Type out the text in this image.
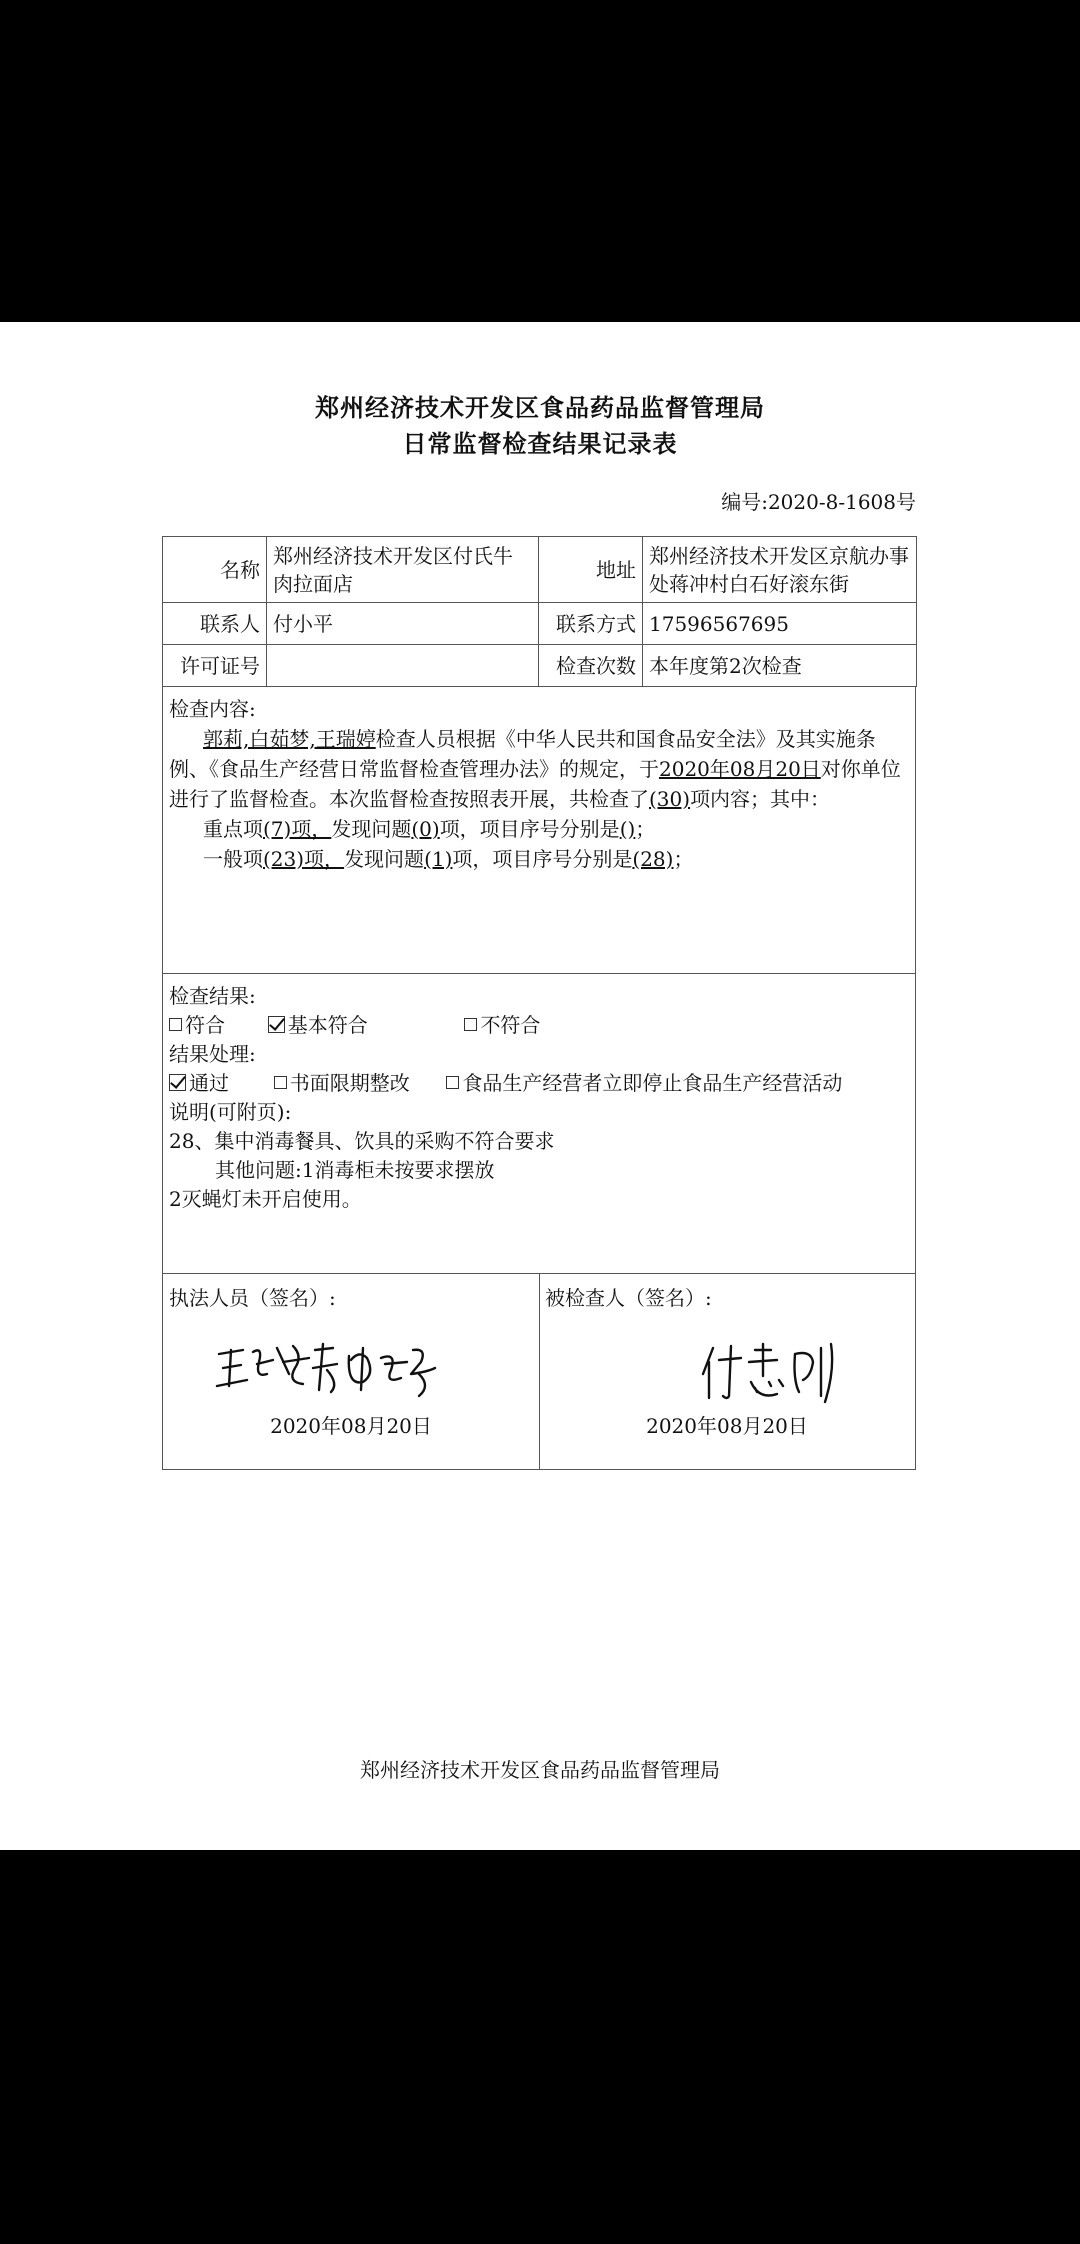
郑州经济技术开发区食品药品监督管理局
日常监督检查结果记录表
编号:2020-8-1608号
名称	郑州经济技术开发区付氏牛肉拉面店	地址	郑州经济技术开发区京航办事处蒋冲村白石好滚东街
联系人	付小平	联系方式	17596567695
许可证号		检查次数	本年度第2次检查
检查内容:
郭莉,白茹梦,王瑞婷检查人员根据《中华人民共和国食品安全法》及其实施条例、《食品生产经营日常监督检查管理办法》的规定，于2020年08月20日对你单位进行了监督检查。本次监督检查按照表开展，共检查了(30)项内容；其中：
重点项(7)项，发现问题(0)项，项目序号分别是()；
一般项(23)项，发现问题(1)项，项目序号分别是(28)；
检查结果:
符合	基本符合	不符合
结果处理:
通过	书面限期整改	食品生产经营者立即停止食品生产经营活动
说明(可附页):
28、集中消毒餐具、饮具的采购不符合要求
其他问题:1消毒柜未按要求摆放
2灭蝇灯未开启使用。
执法人员（签名）:
2020年08月20日
被检查人（签名）:
2020年08月20日
郑州经济技术开发区食品药品监督管理局
